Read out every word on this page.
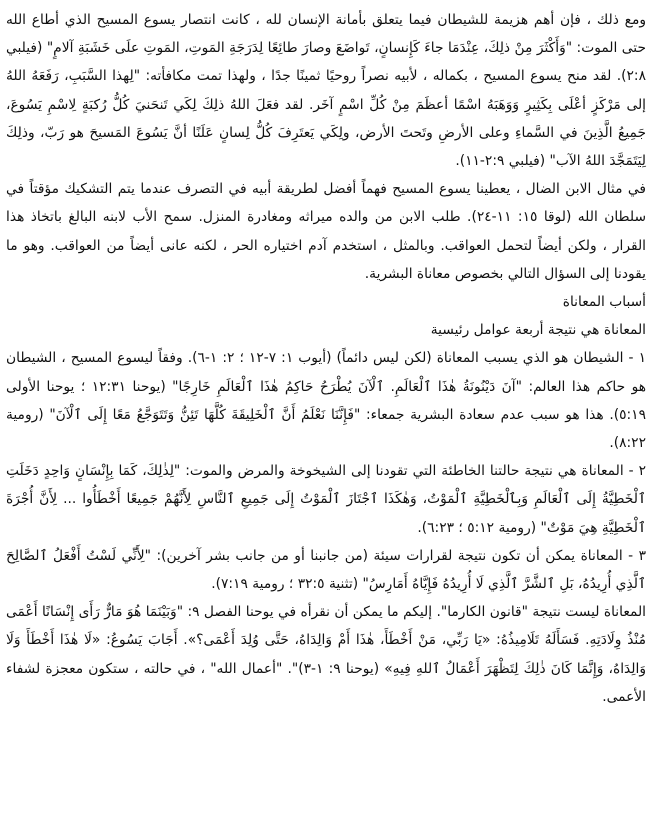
ومع ذلك ، فإن أهم هزيمة للشيطان فيما يتعلق بأمانة الإنسان لله ، كانت انتصار يسوع المسيح الذي أطاع الله حتى الموت: "وَأَكْثَرَ مِنْ ذلِكَ، عِنْدَمَا جاءَ كَإِنسانٍ، تَواضَعَ وصارَ طائِعًا لِدَرَجَةِ المَوتِ، المَوتِ علَى خَشَبَةِ آلامٍ" (فيلبي ٢:٨). لقد منح يسوع المسيح ، بكماله ، لأبيه نصراً روحيًا ثمينًا جدًا ، ولهذا تمت مكافأته: "لِهذا السَّبَبِ، رَفَعَهُ اللهُ إلى مَرْكَزٍ أعْلَى بِكَثِيرٍ وَوَهَبَهُ اسْمًا أعظَمَ مِنْ كُلِّ اسْمٍ آخَر. لقد فعَلَ اللهُ ذلِكَ لِكَي تَنحَنيَ كُلُّ رُكبَةٍ لِاسْمِ يَسُوعَ، جَمِيعُ الَّذِينَ في السَّماءِ وعلى الأرضِ وتَحتَ الأرض، ولِكَي يَعتَرِفَ كُلُّ لِسانٍ عَلَنًا أنَّ يَسُوعَ المَسيحَ هو رَبّ، وذلِكَ لِيَتَمَجَّدَ اللهُ الآب" (فيلبي ٢:٩-١١).

في مثال الابن الضال ، يعطينا يسوع المسيح فهماً أفضل لطريقة أبيه في التصرف عندما يتم التشكيك مؤقتاً في سلطان الله (لوقا ١٥: ١١-٢٤). طلب الابن من والده ميراثه ومغادرة المنزل. سمح الأب لابنه البالغ باتخاذ هذا القرار ، ولكن أيضاً لتحمل العواقب. وبالمثل ، استخدم آدم اختياره الحر ، لكنه عانى أيضاً من العواقب. وهو ما يقودنا إلى السؤال التالي بخصوص معاناة البشرية.

أسباب المعاناة

المعاناة هي نتيجة أربعة عوامل رئيسية

١ - الشيطان هو الذي يسبب المعاناة (لكن ليس دائماً) (أيوب ١: ٧-١٢ ؛ ٢: ١-٦). وفقاً ليسوع المسيح ، الشيطان هو حاكم هذا العالم: "آنَ دَيْنُونَةُ هٰذَا ٱلْعَالَمِ. ٱلْآنَ يُطْرَحُ حَاكِمُ هٰذَا ٱلْعَالَمِ خَارِجًا" (يوحنا ١٢:٣١ ؛ يوحنا الأولى ٥:١٩). هذا هو سبب عدم سعادة البشرية جمعاء: "فَإِنَّنَا نَعْلَمُ أَنَّ ٱلْخَلِيقَةَ كُلَّهَا تَئِنُّ وَتَتَوَجَّعُ مَعًا إِلَى ٱلْآنَ" (رومية ٨:٢٢).

٢ - المعاناة هي نتيجة حالتنا الخاطئة التي تقودنا إلى الشيخوخة والمرض والموت: "لِذٰلِكَ، كَمَا بِإِنْسَانٍ وَاحِدٍ دَخَلَتِ ٱلْخَطِيَّةُ إِلَى ٱلْعَالَمِ وَبِٱلْخَطِيَّةِ ٱلْمَوْتُ، وَهٰكَذَا ٱجْتَازَ ٱلْمَوْتُ إِلَى جَمِيعِ ٱلنَّاسِ لِأَنَّهُمْ جَمِيعًا أَخْطَأُوا ... لِأَنَّ أُجْرَةَ ٱلْخَطِيَّةِ هِيَ مَوْتٌ" (رومية ٥:١٢ ؛ ٦:٢٣).

٣ - المعاناة يمكن أن تكون نتيجة لقرارات سيئة (من جانبنا أو من جانب بشر آخرين): "لِأَنِّي لَسْتُ أَفْعَلُ ٱلصَّالِحَ ٱلَّذِي أُرِيدُهُ، بَلِ ٱلشَّرَّ ٱلَّذِي لَا أُرِيدُهُ فَإِيَّاهُ أَمَارِسُ" (تثنية ٣٢:٥ ؛ رومية ٧:١٩).

المعاناة ليست نتيجة "قانون الكارما". إليكم ما يمكن أن نقرأه في يوحنا الفصل ٩: "وَبَيْنَمَا هُوَ مَارٌّ رَأَى إِنْسَانًا أَعْمَى مُنْذُ وِلَادَتِهِ. فَسَأَلَهُ تَلَامِيذُهُ: «يَا رَبِّي، مَنْ أَخْطَأَ، هٰذَا أَمْ وَالِدَاهُ، حَتَّى وُلِدَ أَعْمَى؟». أَجَابَ يَسُوعُ: «لَا هٰذَا أَخْطَأَ وَلَا وَالِدَاهُ، وَإِنَّمَا كَانَ ذٰلِكَ لِتَظْهَرَ أَعْمَالُ ٱللهِ فِيهِ» (يوحنا ٩: ١-٣)". "أعمال الله" ، في حالته ، ستكون معجزة لشفاء الأعمى.
